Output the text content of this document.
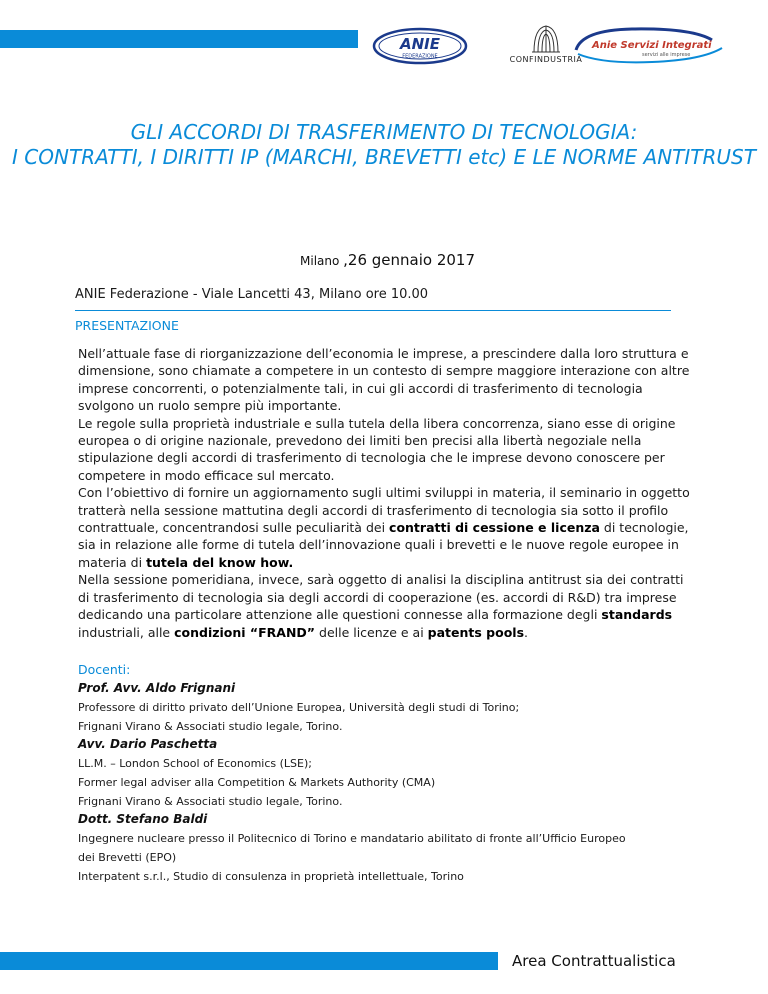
ANIE
FEDERAZIONE	CONFINDUSTRIA
Anie Servizi Integrati
servizi alle imprese
GLI ACCORDI DI TRASFERIMENTO DI TECNOLOGIA:
I CONTRATTI, I DIRITTI IP (MARCHI, BREVETTI etc) E LE NORME ANTITRUST
Milano ,26 gennaio 2017
ANIE Federazione - Viale Lancetti 43, Milano ore 10.00
PRESENTAZIONE

Nell’attuale fase di riorganizzazione dell’economia le imprese, a prescindere dalla loro struttura e dimensione, sono chiamate a competere in un contesto di sempre maggiore interazione con altre imprese concorrenti, o potenzialmente tali, in cui gli accordi di trasferimento di tecnologia svolgono un ruolo sempre più importante.

Le regole sulla proprietà industriale e sulla tutela della libera concorrenza, siano esse di origine europea o di origine nazionale, prevedono dei limiti ben precisi alla libertà negoziale nella stipulazione degli accordi di trasferimento di tecnologia che le imprese devono conoscere per competere in modo efficace sul mercato.

Con l’obiettivo di fornire un aggiornamento sugli ultimi sviluppi in materia, il seminario in oggetto tratterà nella sessione mattutina degli accordi di trasferimento di tecnologia sia sotto il profilo contrattuale, concentrandosi sulle peculiarità dei contratti di cessione e licenza di tecnologie, sia in relazione alle forme di tutela dell’innovazione quali i brevetti e le nuove regole europee in materia di tutela del know how.

Nella sessione pomeridiana, invece, sarà oggetto di analisi la disciplina antitrust sia dei contratti di trasferimento di tecnologia sia degli accordi di cooperazione (es. accordi di R&D) tra imprese dedicando una particolare attenzione alle questioni connesse alla formazione degli standards industriali, alle condizioni “FRAND” delle licenze e ai patents pools.

Docenti:
Prof. Avv. Aldo Frignani
Professore di diritto privato dell’Unione Europea, Università degli studi di Torino;
Frignani Virano & Associati studio legale, Torino.
Avv. Dario Paschetta
LL.M. – London School of Economics (LSE);
Former legal adviser alla Competition & Markets Authority (CMA)
Frignani Virano & Associati studio legale, Torino.
Dott. Stefano Baldi
Ingegnere nucleare presso il Politecnico di Torino e mandatario abilitato di fronte all’Ufficio Europeo
dei Brevetti (EPO)
Interpatent s.r.l., Studio di consulenza in proprietà intellettuale, Torino
Area Contrattualistica
